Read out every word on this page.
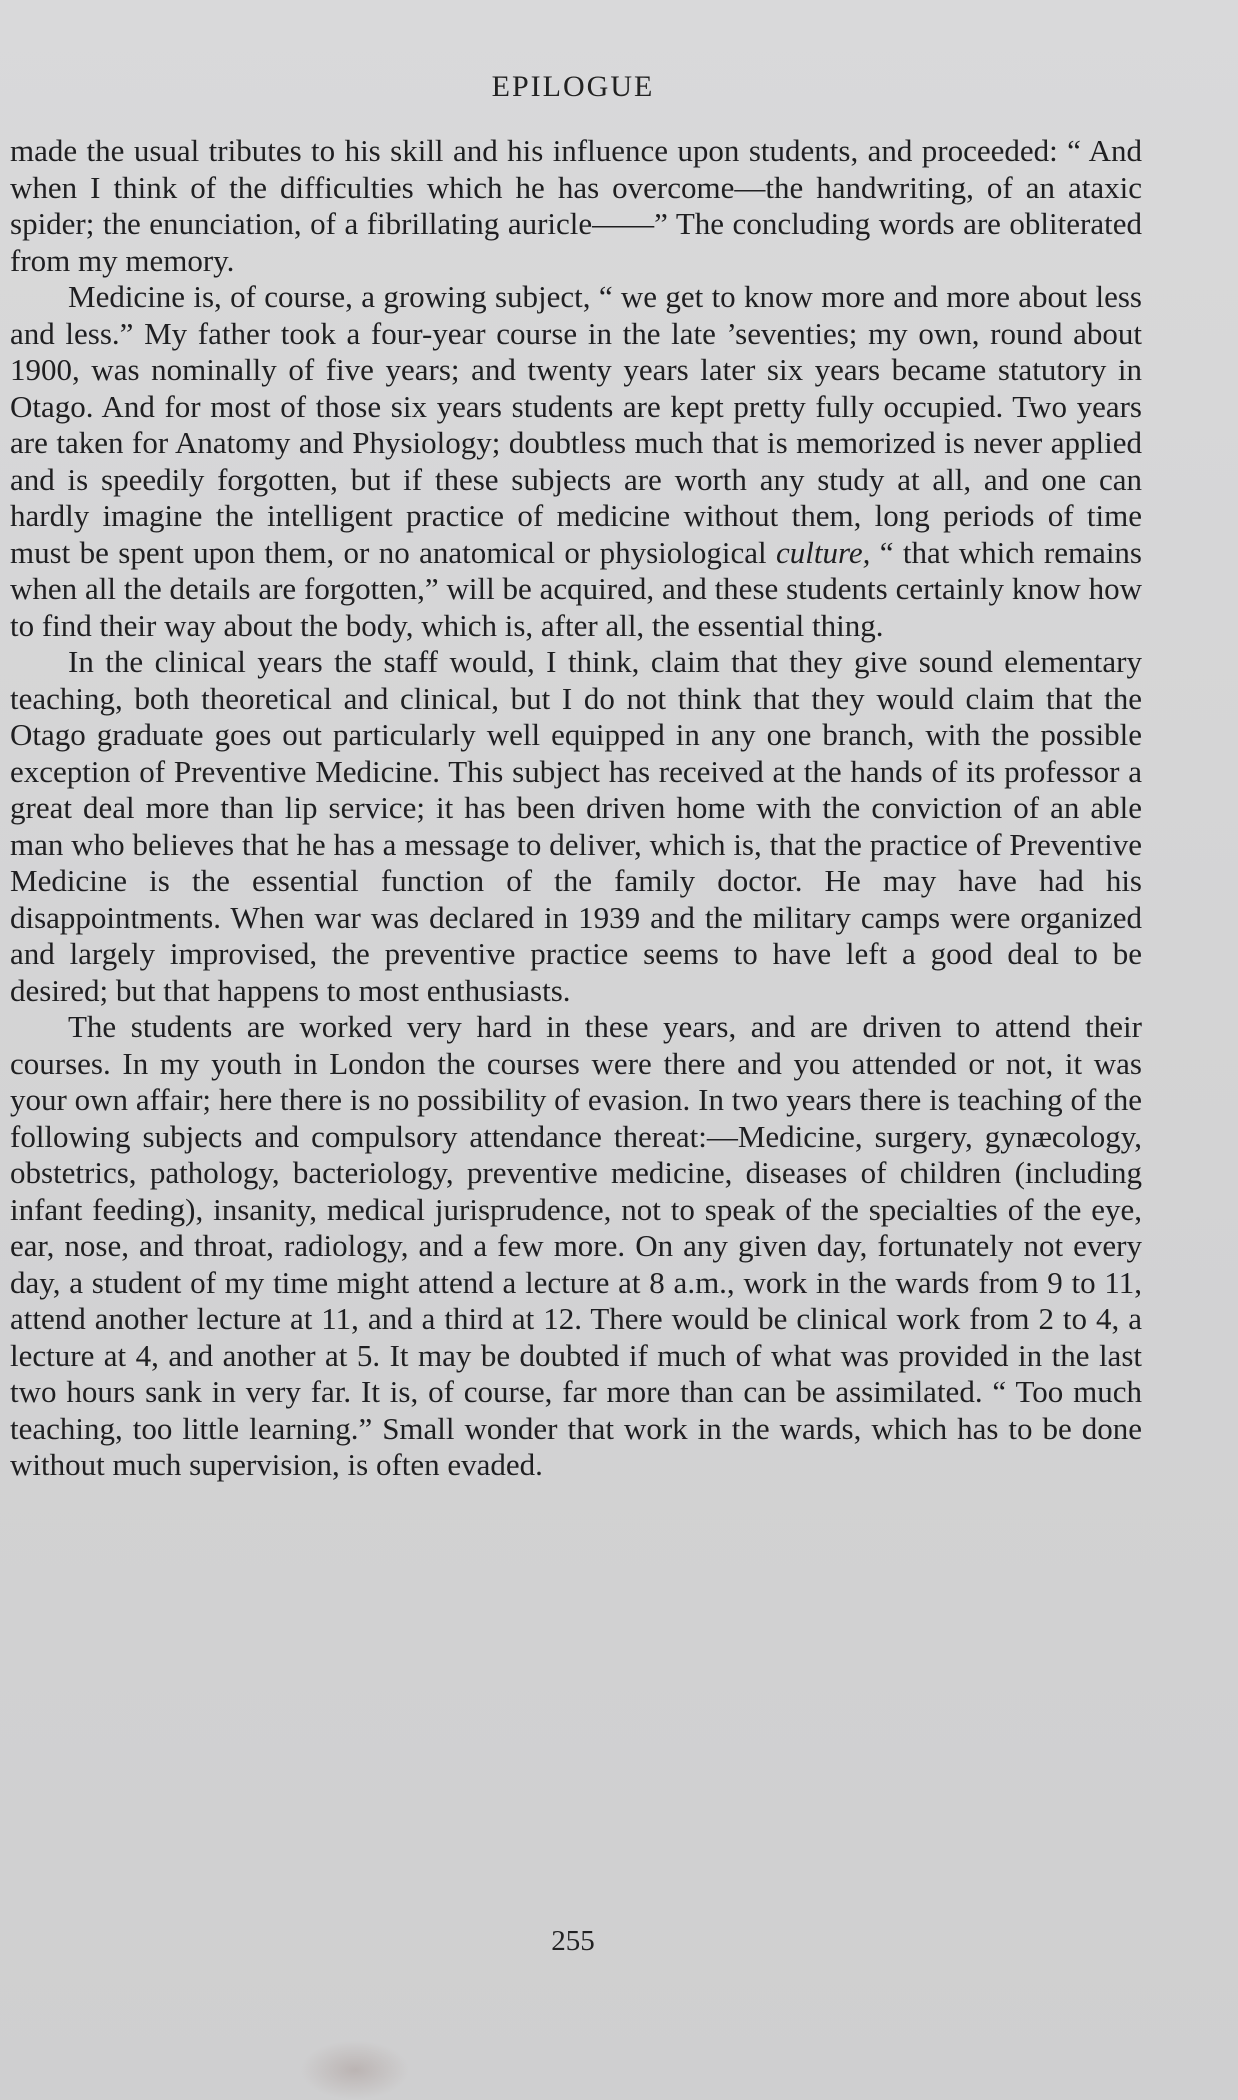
EPILOGUE

made the usual tributes to his skill and his influence upon students, and proceeded: “ And when I think of the difficulties which he has overcome—the handwriting, of an ataxic spider; the enunciation, of a fibrillating auricle——” The concluding words are obliterated from my memory.

Medicine is, of course, a growing subject, “ we get to know more and more about less and less.” My father took a four-year course in the late ’seventies; my own, round about 1900, was nominally of five years; and twenty years later six years became statutory in Otago. And for most of those six years students are kept pretty fully occupied. Two years are taken for Anatomy and Physiology; doubtless much that is memorized is never applied and is speedily forgotten, but if these subjects are worth any study at all, and one can hardly imagine the intelligent practice of medicine without them, long periods of time must be spent upon them, or no anatomical or physiological culture, “ that which remains when all the details are forgotten,” will be acquired, and these students certainly know how to find their way about the body, which is, after all, the essential thing.

In the clinical years the staff would, I think, claim that they give sound elementary teaching, both theoretical and clinical, but I do not think that they would claim that the Otago graduate goes out particularly well equipped in any one branch, with the possible exception of Preventive Medicine. This subject has received at the hands of its professor a great deal more than lip service; it has been driven home with the conviction of an able man who believes that he has a message to deliver, which is, that the practice of Preventive Medicine is the essential function of the family doctor. He may have had his disappointments. When war was declared in 1939 and the military camps were organized and largely improvised, the preventive practice seems to have left a good deal to be desired; but that happens to most enthusiasts.

The students are worked very hard in these years, and are driven to attend their courses. In my youth in London the courses were there and you attended or not, it was your own affair; here there is no possibility of evasion. In two years there is teaching of the following subjects and compulsory attendance thereat:—Medicine, surgery, gynæcology, obstetrics, pathology, bacteriology, preventive medicine, diseases of children (including infant feeding), insanity, medical jurisprudence, not to speak of the specialties of the eye, ear, nose, and throat, radiology, and a few more. On any given day, fortunately not every day, a student of my time might attend a lecture at 8 a.m., work in the wards from 9 to 11, attend another lecture at 11, and a third at 12. There would be clinical work from 2 to 4, a lecture at 4, and another at 5. It may be doubted if much of what was provided in the last two hours sank in very far. It is, of course, far more than can be assimilated. “ Too much teaching, too little learning.” Small wonder that work in the wards, which has to be done without much supervision, is often evaded.

255
